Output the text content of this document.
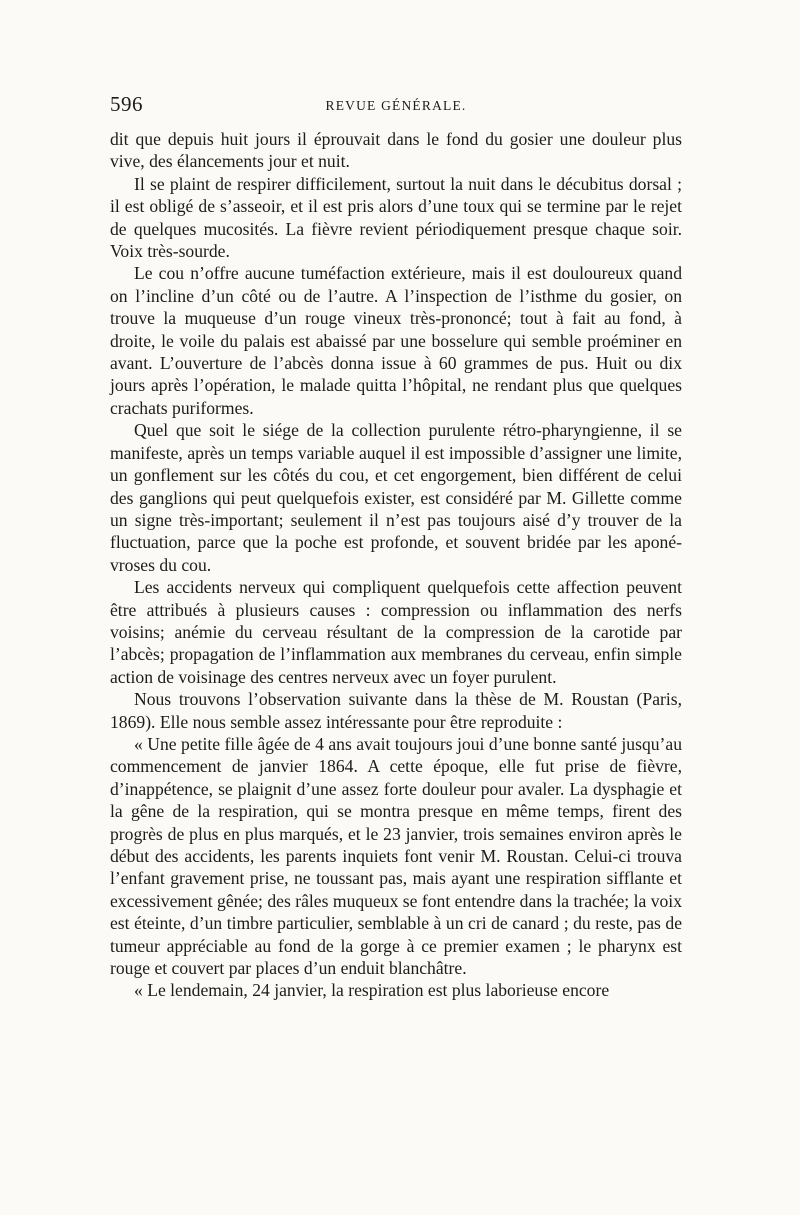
596	REVUE GÉNÉRALE.

dit que depuis huit jours il éprouvait dans le fond du gosier une douleur plus vive, des élancements jour et nuit.

Il se plaint de respirer difficilement, surtout la nuit dans le décubitus dorsal ; il est obligé de s’asseoir, et il est pris alors d’une toux qui se termine par le rejet de quelques mucosités. La fièvre revient périodiquement presque chaque soir. Voix très-sourde.

Le cou n’offre aucune tuméfaction extérieure, mais il est douloureux quand on l’incline d’un côté ou de l’autre. A l’inspection de l’isthme du gosier, on trouve la muqueuse d’un rouge vineux très-prononcé; tout à fait au fond, à droite, le voile du palais est abaissé par une bosselure qui semble proéminer en avant. L’ouverture de l’abcès donna issue à 60 grammes de pus. Huit ou dix jours après l’opération, le malade quitta l’hôpital, ne rendant plus que quelques crachats puriformes.

Quel que soit le siége de la collection purulente rétro-pharyngienne, il se manifeste, après un temps variable auquel il est impossible d’assigner une limite, un gonflement sur les côtés du cou, et cet engorgement, bien différent de celui des ganglions qui peut quelquefois exister, est considéré par M. Gillette comme un signe très-important; seulement il n’est pas toujours aisé d’y trouver de la fluctuation, parce que la poche est profonde, et souvent bridée par les aponévroses du cou.

Les accidents nerveux qui compliquent quelquefois cette affection peuvent être attribués à plusieurs causes : compression ou inflammation des nerfs voisins; anémie du cerveau résultant de la compression de la carotide par l’abcès; propagation de l’inflammation aux membranes du cerveau, enfin simple action de voisinage des centres nerveux avec un foyer purulent.

Nous trouvons l’observation suivante dans la thèse de M. Roustan (Paris, 1869). Elle nous semble assez intéressante pour être reproduite :

« Une petite fille âgée de 4 ans avait toujours joui d’une bonne santé jusqu’au commencement de janvier 1864. A cette époque, elle fut prise de fièvre, d’inappétence, se plaignit d’une assez forte douleur pour avaler. La dysphagie et la gêne de la respiration, qui se montra presque en même temps, firent des progrès de plus en plus marqués, et le 23 janvier, trois semaines environ après le début des accidents, les parents inquiets font venir M. Roustan. Celui-ci trouva l’enfant gravement prise, ne toussant pas, mais ayant une respiration sifflante et excessivement gênée; des râles muqueux se font entendre dans la trachée; la voix est éteinte, d’un timbre particulier, semblable à un cri de canard ; du reste, pas de tumeur appréciable au fond de la gorge à ce premier examen ; le pharynx est rouge et couvert par places d’un enduit blanchâtre.

« Le lendemain, 24 janvier, la respiration est plus laborieuse encore
